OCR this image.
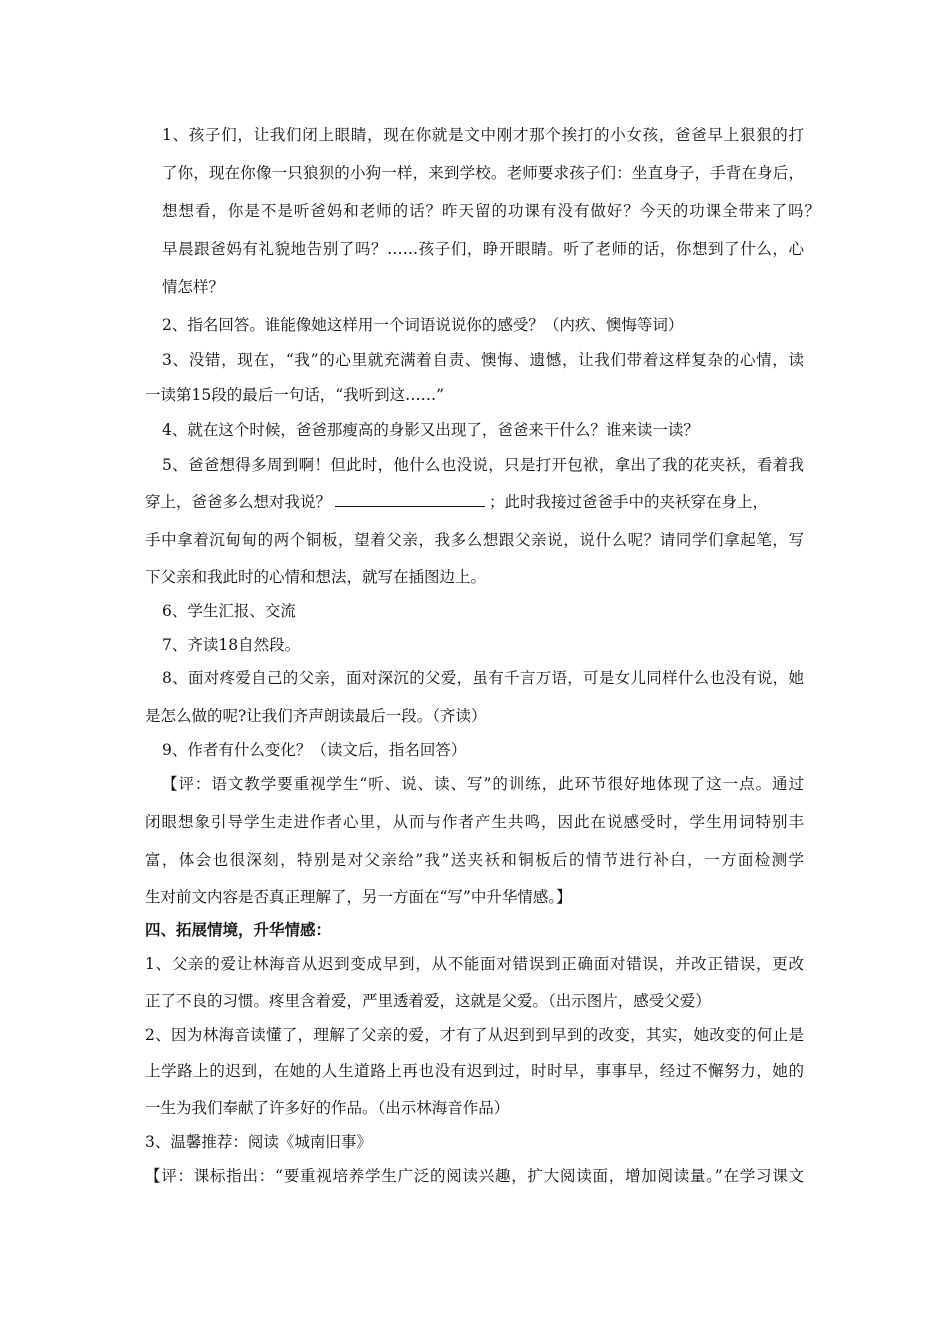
1、孩子们，让我们闭上眼睛，现在你就是文中刚才那个挨打的小女孩，爸爸早上狠狠的打
了你，现在你像一只狼狈的小狗一样，来到学校。老师要求孩子们：坐直身子，手背在身后，
想想看，你是不是听爸妈和老师的话？昨天留的功课有没有做好？今天的功课全带来了吗？
早晨跟爸妈有礼貌地告别了吗？……孩子们，睁开眼睛。听了老师的话，你想到了什么，心
情怎样？
2、指名回答。谁能像她这样用一个词语说说你的感受？（内疚、懊悔等词）
3、没错，现在，“我”的心里就充满着自责、懊悔、遗憾，让我们带着这样复杂的心情，读
一读第15段的最后一句话，“我听到这……”
4、就在这个时候，爸爸那瘦高的身影又出现了，爸爸来干什么？谁来读一读？
5、爸爸想得多周到啊！但此时，他什么也没说，只是打开包袱，拿出了我的花夹袄，看着我
穿上，爸爸多么想对我说？	；此时我接过爸爸手中的夹袄穿在身上，
手中拿着沉甸甸的两个铜板，望着父亲，我多么想跟父亲说，说什么呢？请同学们拿起笔，写
下父亲和我此时的心情和想法，就写在插图边上。
6、学生汇报、交流
7、齐读18自然段。
8、面对疼爱自己的父亲，面对深沉的父爱，虽有千言万语，可是女儿同样什么也没有说，她
是怎么做的呢?让我们齐声朗读最后一段。（齐读）
9、作者有什么变化？（读文后，指名回答）
【评：语文教学要重视学生“听、说、读、写”的训练，此环节很好地体现了这一点。通过
闭眼想象引导学生走进作者心里，从而与作者产生共鸣，因此在说感受时，学生用词特别丰
富，体会也很深刻，特别是对父亲给”我”送夹袄和铜板后的情节进行补白，一方面检测学
生对前文内容是否真正理解了，另一方面在“写”中升华情感。】
四、拓展情境，升华情感：
1、父亲的爱让林海音从迟到变成早到，从不能面对错误到正确面对错误，并改正错误，更改
正了不良的习惯。疼里含着爱，严里透着爱，这就是父爱。（出示图片，感受父爱）
2、因为林海音读懂了，理解了父亲的爱，才有了从迟到到早到的改变，其实，她改变的何止是
上学路上的迟到，在她的人生道路上再也没有迟到过，时时早，事事早，经过不懈努力，她的
一生为我们奉献了许多好的作品。（出示林海音作品）
3、温馨推荐：阅读《城南旧事》
【评：课标指出：“要重视培养学生广泛的阅读兴趣，扩大阅读面，增加阅读量。”在学习课文
